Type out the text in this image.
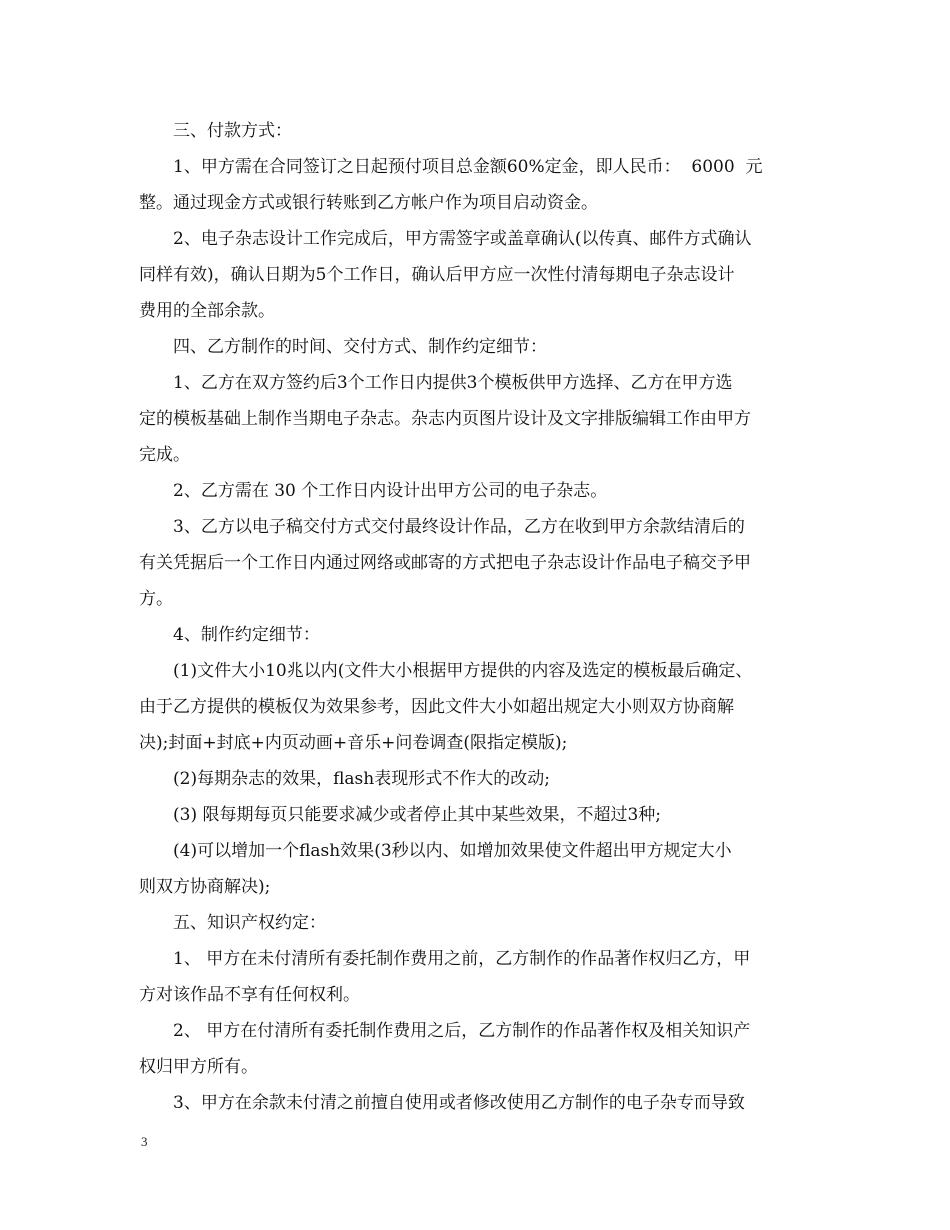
三、付款方式：
1、甲方需在合同签订之日起预付项目总金额60%定金，即人民币：  6000  元
整。通过现金方式或银行转账到乙方帐户作为项目启动资金。
2、电子杂志设计工作完成后，甲方需签字或盖章确认(以传真、邮件方式确认
同样有效)，确认日期为5个工作日，确认后甲方应一次性付清每期电子杂志设计
费用的全部余款。
四、乙方制作的时间、交付方式、制作约定细节：
1、乙方在双方签约后3个工作日内提供3个模板供甲方选择、乙方在甲方选
定的模板基础上制作当期电子杂志。杂志内页图片设计及文字排版编辑工作由甲方
完成。
2、乙方需在 30 个工作日内设计出甲方公司的电子杂志。
3、乙方以电子稿交付方式交付最终设计作品，乙方在收到甲方余款结清后的
有关凭据后一个工作日内通过网络或邮寄的方式把电子杂志设计作品电子稿交予甲
方。
4、制作约定细节：
(1)文件大小10兆以内(文件大小根据甲方提供的内容及选定的模板最后确定、
由于乙方提供的模板仅为效果参考，因此文件大小如超出规定大小则双方协商解
决);封面+封底+内页动画+音乐+问卷调查(限指定模版);
(2)每期杂志的效果，flash表现形式不作大的改动;
(3) 限每期每页只能要求减少或者停止其中某些效果，不超过3种;
(4)可以增加一个flash效果(3秒以内、如增加效果使文件超出甲方规定大小
则双方协商解决);
五、知识产权约定：
1、 甲方在未付清所有委托制作费用之前，乙方制作的作品著作权归乙方，甲
方对该作品不享有任何权利。
2、 甲方在付清所有委托制作费用之后，乙方制作的作品著作权及相关知识产
权归甲方所有。
3、甲方在余款未付清之前擅自使用或者修改使用乙方制作的电子杂专而导致
3
